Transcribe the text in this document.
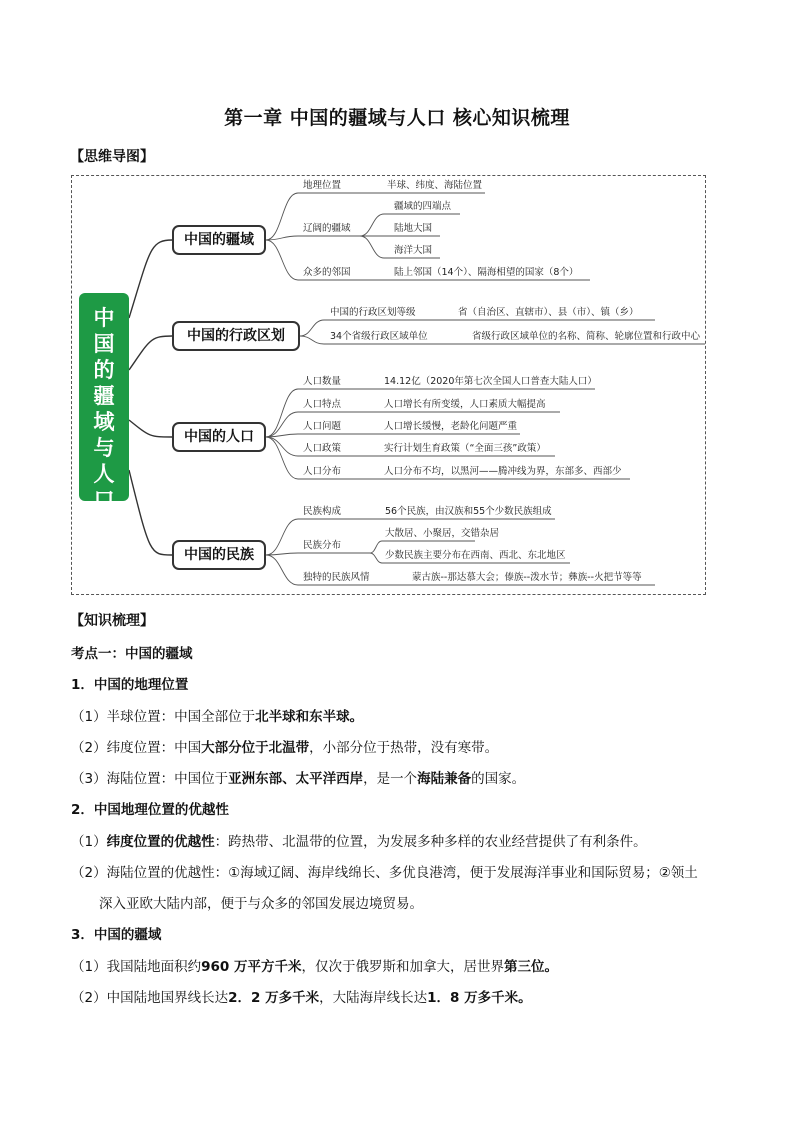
第一章 中国的疆域与人口 核心知识梳理
【思维导图】
中
国
的
疆
域
与
人
口
中国的疆域
中国的行政区划
中国的人口
中国的民族
地理位置
辽阔的疆域
众多的邻国
半球、纬度、海陆位置
疆域的四端点
陆地大国
海洋大国
陆上邻国（14个）、隔海相望的国家（8个）
中国的行政区划等级
34个省级行政区域单位
省（自治区、直辖市）、县（市）、镇（乡）
省级行政区域单位的名称、简称、轮廓位置和行政中心
人口数量
人口特点
人口问题
人口政策
人口分布
14.12亿（2020年第七次全国人口普查大陆人口）
人口增长有所变缓，人口素质大幅提高
人口增长缓慢，老龄化问题严重
实行计划生育政策（“全面三孩”政策）
人口分布不均，以黑河——腾冲线为界，东部多、西部少
民族构成
民族分布
独特的民族风情
56个民族，由汉族和55个少数民族组成
大散居、小聚居，交错杂居
少数民族主要分布在西南、西北、东北地区
蒙古族--那达慕大会；傣族--泼水节；彝族--火把节等等
【知识梳理】
考点一：中国的疆域
1．中国的地理位置
（1）半球位置：中国全部位于北半球和东半球。
（2）纬度位置：中国大部分位于北温带，小部分位于热带，没有寒带。
（3）海陆位置：中国位于亚洲东部、太平洋西岸，是一个海陆兼备的国家。
2．中国地理位置的优越性
（1）纬度位置的优越性：跨热带、北温带的位置，为发展多种多样的农业经营提供了有利条件。
（2）海陆位置的优越性：①海域辽阔、海岸线绵长、多优良港湾，便于发展海洋事业和国际贸易；②领土
深入亚欧大陆内部，便于与众多的邻国发展边境贸易。
3．中国的疆域
（1）我国陆地面积约960 万平方千米，仅次于俄罗斯和加拿大，居世界第三位。
（2）中国陆地国界线长达2．2 万多千米，大陆海岸线长达1．8 万多千米。
